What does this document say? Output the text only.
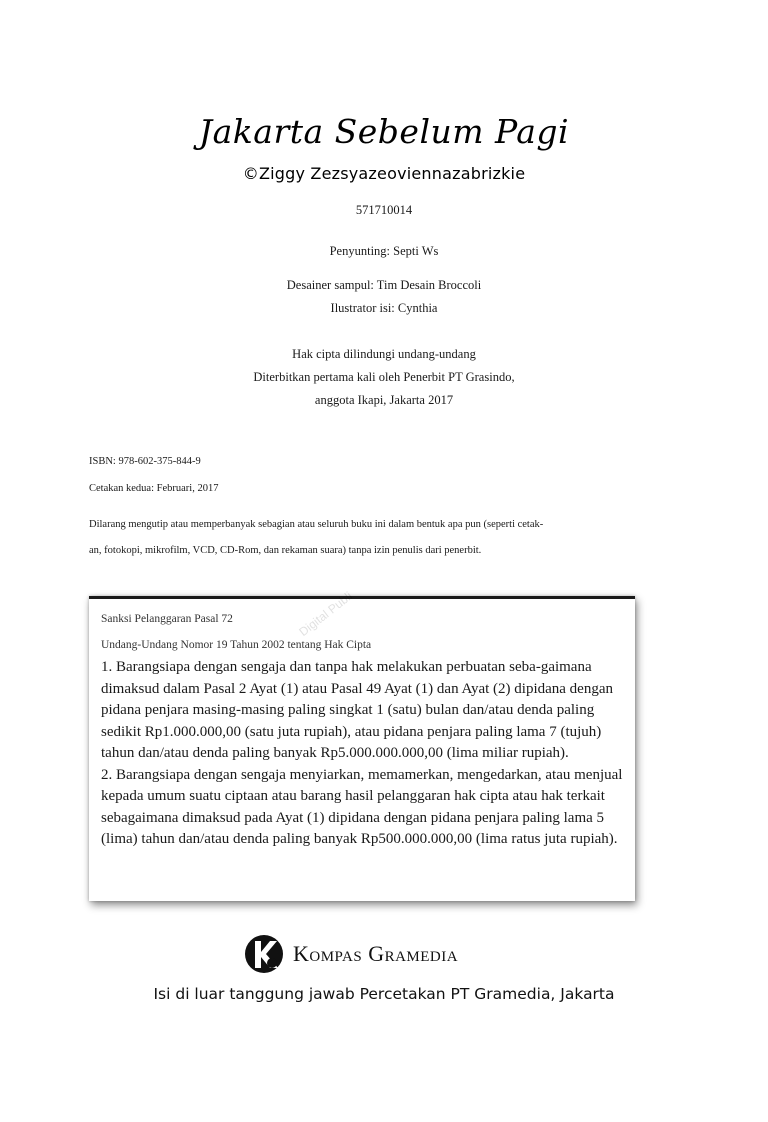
Jakarta Sebelum Pagi
©Ziggy Zezsyazeoviennazabrizkie
571710014
Penyunting: Septi Ws
Desainer sampul: Tim Desain Broccoli
Ilustrator isi: Cynthia
Hak cipta dilindungi undang-undang
Diterbitkan pertama kali oleh Penerbit PT Grasindo,
anggota Ikapi, Jakarta 2017
ISBN: 978-602-375-844-9
Cetakan kedua: Februari, 2017
Dilarang mengutip atau memperbanyak sebagian atau seluruh buku ini dalam bentuk apa pun (seperti cetak-
an, fotokopi, mikrofilm, VCD, CD-Rom, dan rekaman suara) tanpa izin penulis dari penerbit.
Digital Publi
Sanksi Pelanggaran Pasal 72
Undang-Undang Nomor 19 Tahun 2002 tentang Hak Cipta

1. Barangsiapa dengan sengaja dan tanpa hak melakukan perbuatan seba-gaimana dimaksud dalam Pasal 2 Ayat (1) atau Pasal 49 Ayat (1) dan Ayat (2) dipidana dengan pidana penjara masing-masing paling singkat 1 (satu) bulan dan/atau denda paling sedikit Rp1.000.000,00 (satu juta rupiah), atau pidana penjara paling lama 7 (tujuh) tahun dan/atau denda paling banyak Rp5.000.000.000,00 (lima miliar rupiah).

2. Barangsiapa dengan sengaja menyiarkan, memamerkan, mengedarkan, atau menjual kepada umum suatu ciptaan atau barang hasil pelanggaran hak cipta atau hak terkait sebagaimana dimaksud pada Ayat (1) dipidana dengan pidana penjara paling lama 5 (lima) tahun dan/atau denda paling banyak Rp500.000.000,00 (lima ratus juta rupiah).

Kompas Gramedia
Isi di luar tanggung jawab Percetakan PT Gramedia, Jakarta
